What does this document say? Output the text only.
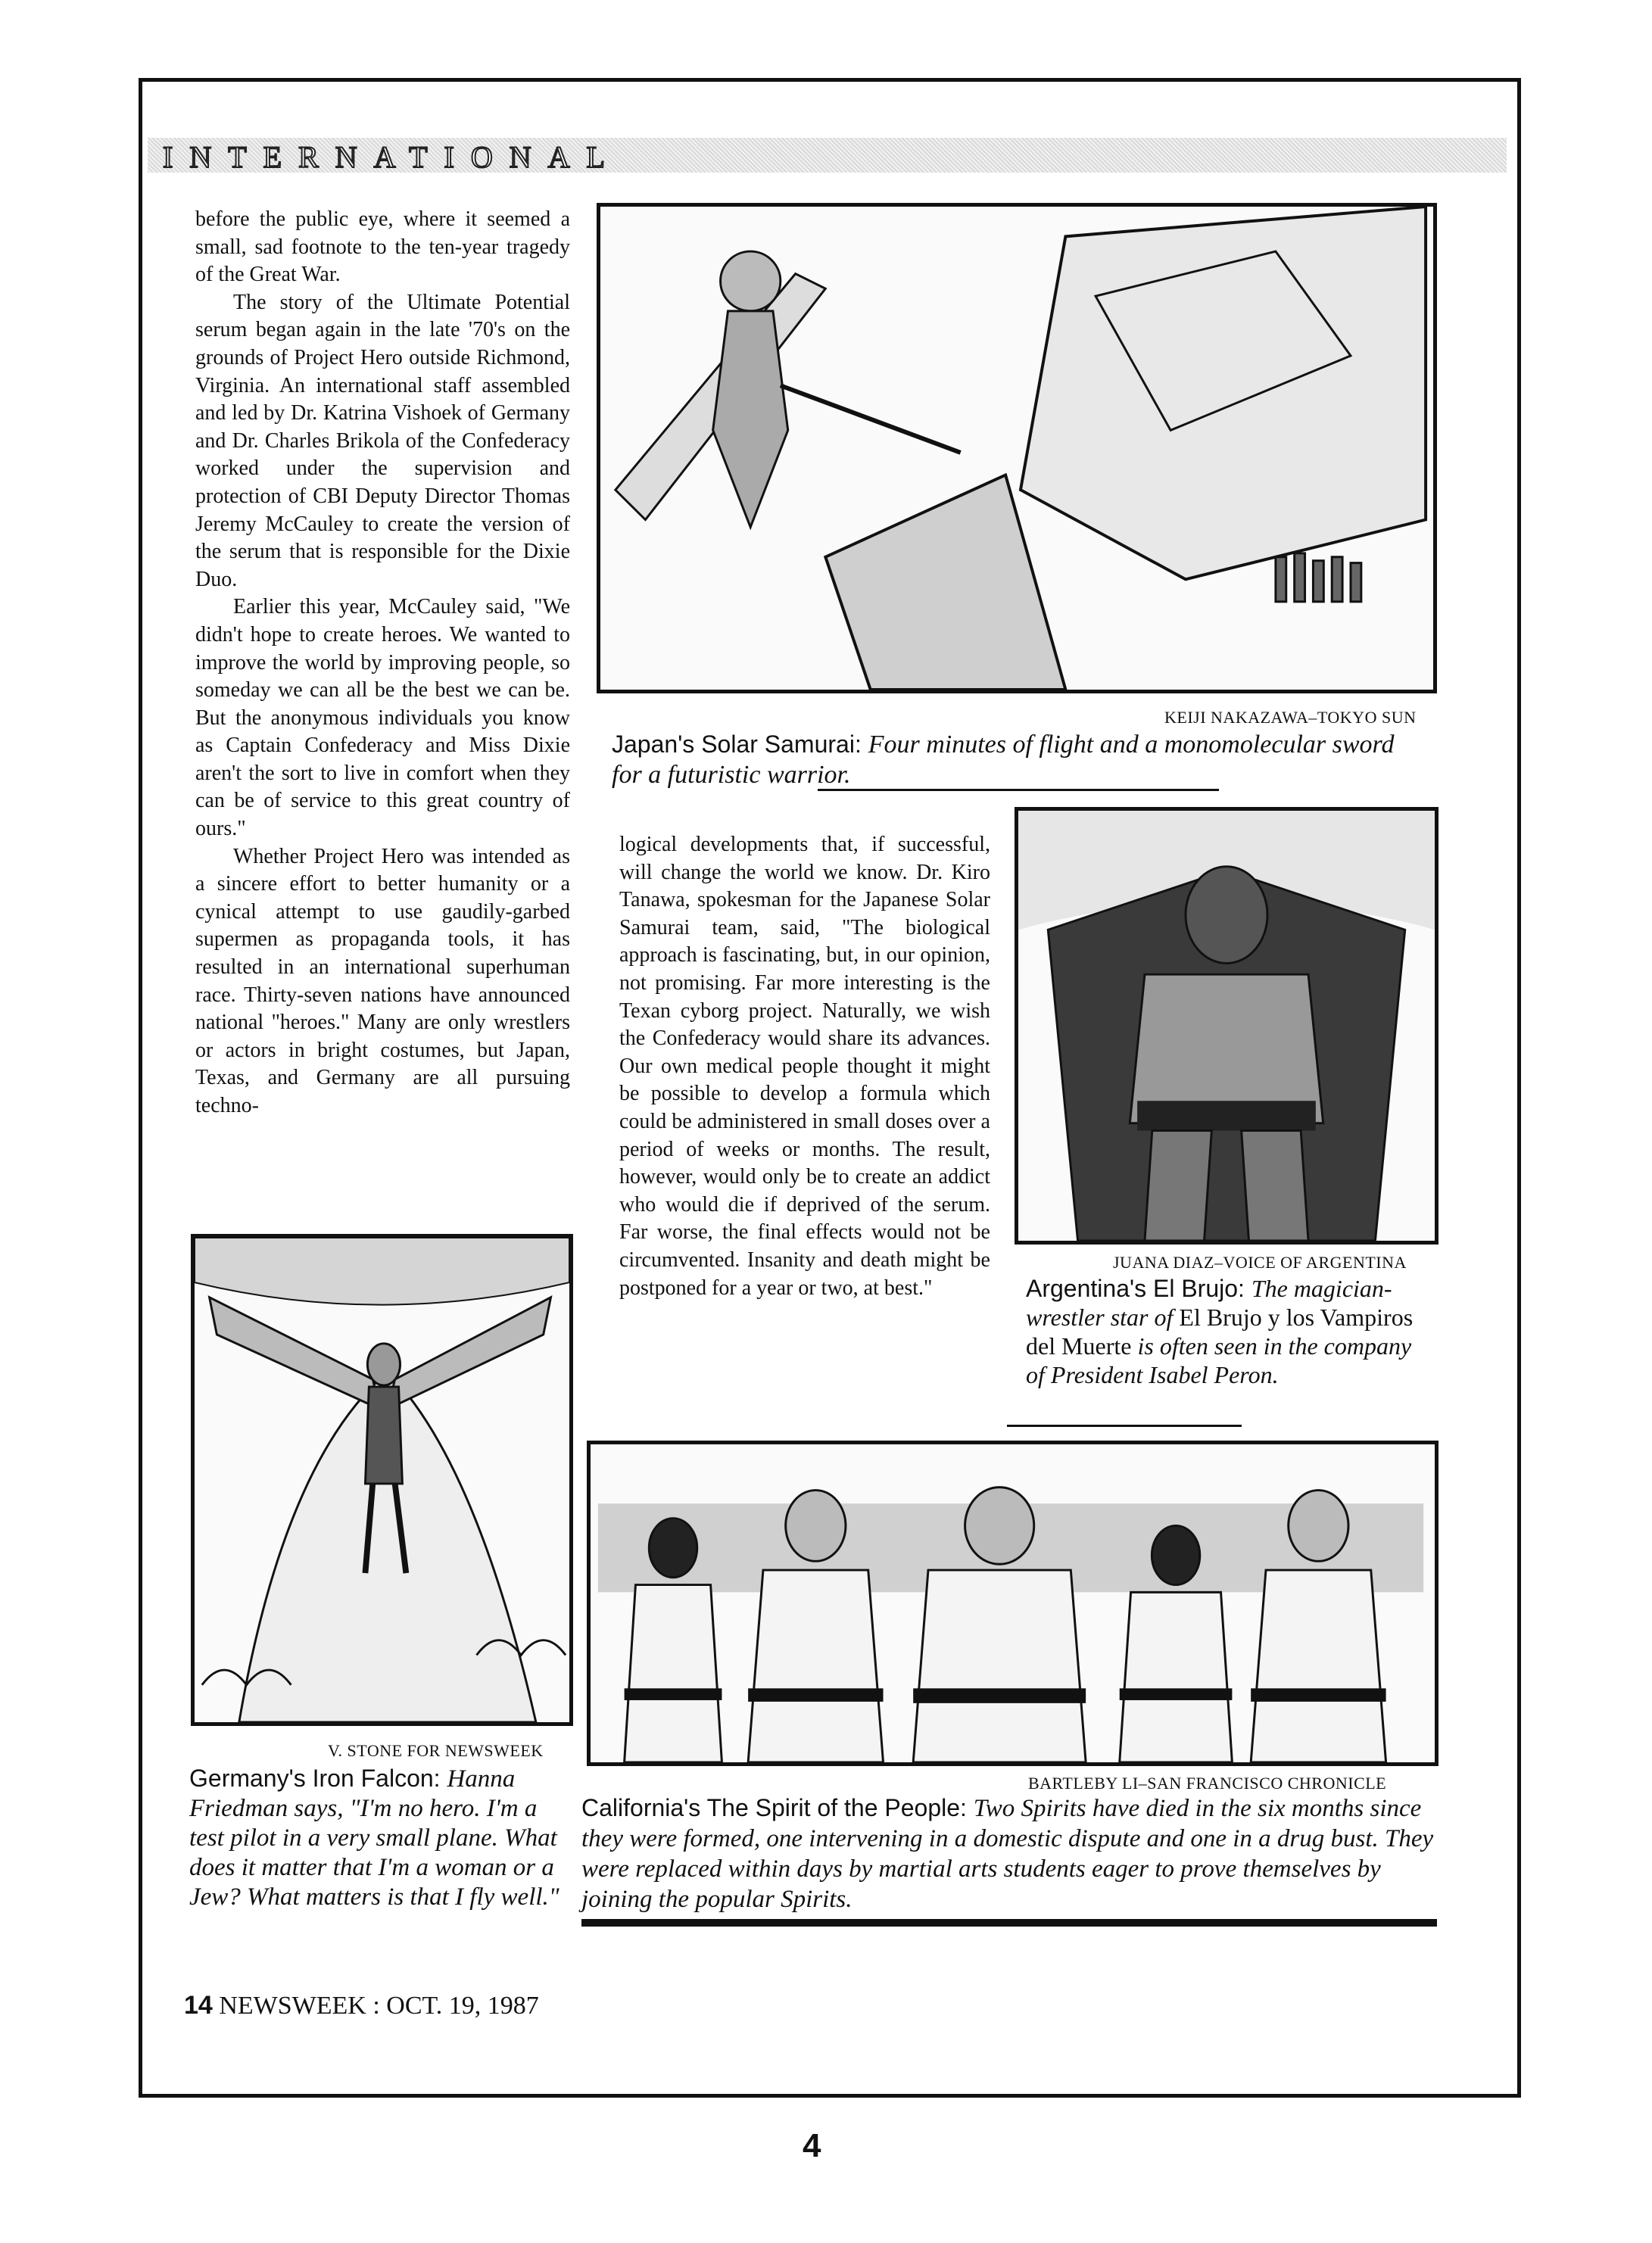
INTERNATIONAL

before the public eye, where it seemed a small, sad footnote to the ten-year tragedy of the Great War.

The story of the Ultimate Potential serum began again in the late '70's on the grounds of Project Hero outside Richmond, Virginia. An international staff assembled and led by Dr. Katrina Vishoek of Germany and Dr. Charles Brikola of the Confederacy worked under the supervision and protection of CBI Deputy Director Thomas Jeremy McCauley to create the version of the serum that is responsible for the Dixie Duo.

Earlier this year, McCauley said, "We didn't hope to create heroes. We wanted to improve the world by improving people, so someday we can all be the best we can be. But the anonymous individuals you know as Captain Confederacy and Miss Dixie aren't the sort to live in comfort when they can be of service to this great country of ours."

Whether Project Hero was intended as a sincere effort to better humanity or a cynical attempt to use gaudily-garbed supermen as propaganda tools, it has resulted in an international superhuman race. Thirty-seven nations have announced national "heroes." Many are only wrestlers or actors in bright costumes, but Japan, Texas, and Germany are all pursuing techno-

logical developments that, if successful, will change the world we know. Dr. Kiro Tanawa, spokesman for the Japanese Solar Samurai team, said, "The biological approach is fascinating, but, in our opinion, not promising. Far more interesting is the Texan cyborg project. Naturally, we wish the Confederacy would share its advances. Our own medical people thought it might be possible to develop a formula which could be administered in small doses over a period of weeks or months. The result, however, would only be to create an addict who would die if deprived of the serum. Far worse, the final effects would not be circumvented. Insanity and death might be postponed for a year or two, at best."

KEIJI NAKAZAWA–TOKYO SUN
Japan's Solar Samurai: Four minutes of flight and a monomolecular sword for a futuristic warrior.
JUANA DIAZ–VOICE OF ARGENTINA
Argentina's El Brujo: The magician-wrestler star of El Brujo y los Vampiros del Muerte is often seen in the company of President Isabel Peron.
V. STONE FOR NEWSWEEK
Germany's Iron Falcon: Hanna Friedman says, "I'm no hero. I'm a test pilot in a very small plane. What does it matter that I'm a woman or a Jew? What matters is that I fly well."
BARTLEBY LI–SAN FRANCISCO CHRONICLE
California's The Spirit of the People: Two Spirits have died in the six months since they were formed, one intervening in a domestic dispute and one in a drug bust. They were replaced within days by martial arts students eager to prove themselves by joining the popular Spirits.
14 NEWSWEEK : OCT. 19, 1987
4
